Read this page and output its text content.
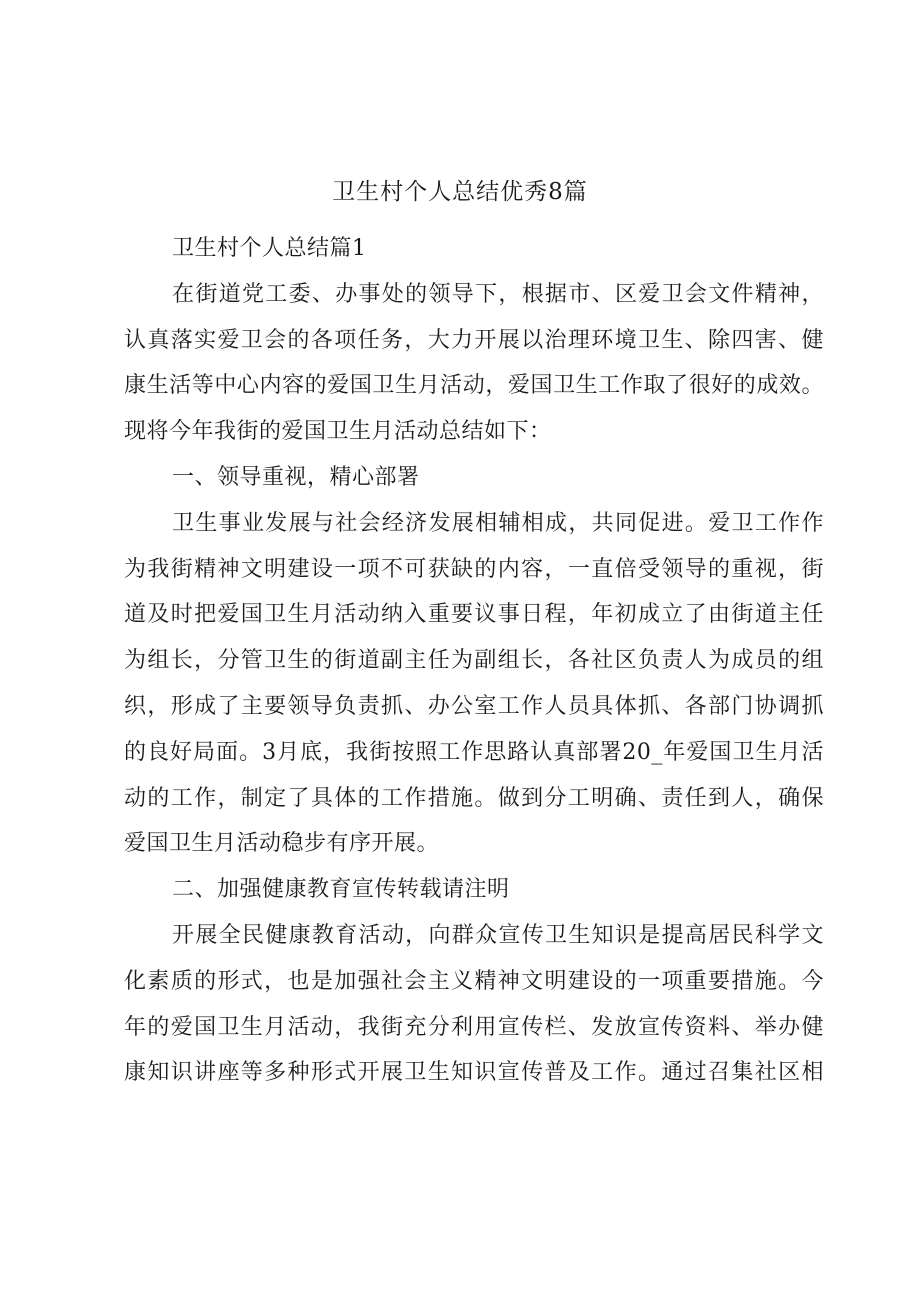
卫生村个人总结优秀8篇
卫生村个人总结篇1
在街道党工委、办事处的领导下，根据市、区爱卫会文件精神，
认真落实爱卫会的各项任务，大力开展以治理环境卫生、除四害、健
康生活等中心内容的爱国卫生月活动，爱国卫生工作取了很好的成效。
现将今年我街的爱国卫生月活动总结如下：
一、领导重视，精心部署
卫生事业发展与社会经济发展相辅相成，共同促进。爱卫工作作
为我街精神文明建设一项不可获缺的内容，一直倍受领导的重视，街
道及时把爱国卫生月活动纳入重要议事日程，年初成立了由街道主任
为组长，分管卫生的街道副主任为副组长，各社区负责人为成员的组
织，形成了主要领导负责抓、办公室工作人员具体抓、各部门协调抓
的良好局面。3月底，我街按照工作思路认真部署20_年爱国卫生月活
动的工作，制定了具体的工作措施。做到分工明确、责任到人，确保
爱国卫生月活动稳步有序开展。
二、加强健康教育宣传转载请注明
开展全民健康教育活动，向群众宣传卫生知识是提高居民科学文
化素质的形式，也是加强社会主义精神文明建设的一项重要措施。今
年的爱国卫生月活动，我街充分利用宣传栏、发放宣传资料、举办健
康知识讲座等多种形式开展卫生知识宣传普及工作。通过召集社区相
